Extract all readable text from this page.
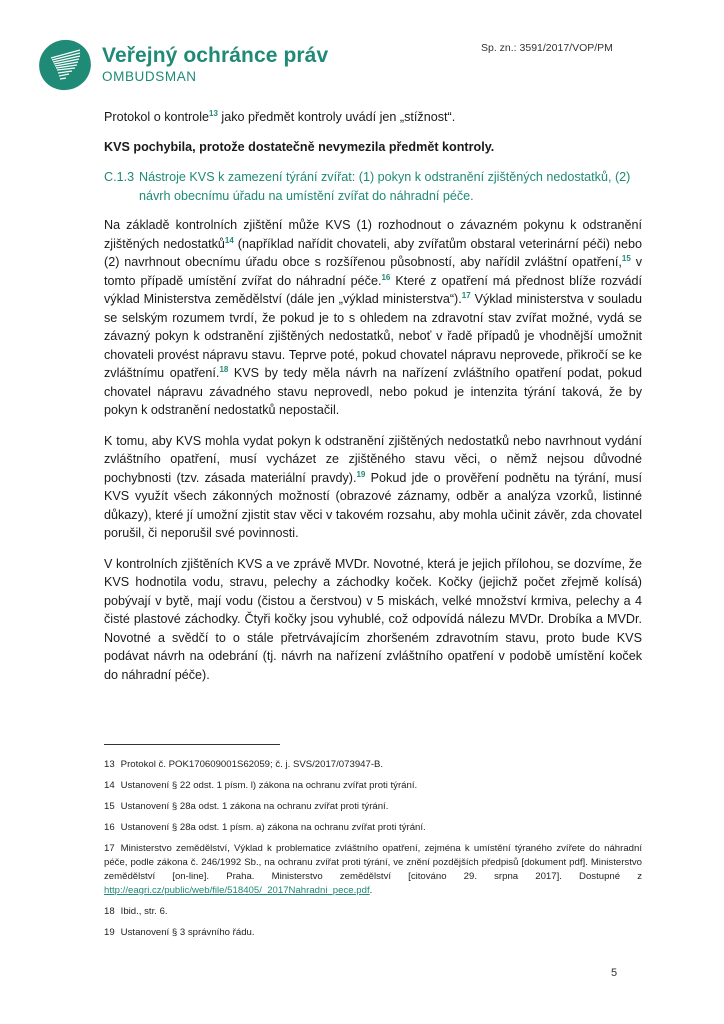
Veřejný ochránce práv
OMBUDSMAN
Sp. zn.: 3591/2017/VOP/PM

Protokol o kontrole$^{13}$ jako předmět kontroly uvádí jen „stížnost“.

KVS pochybila, protože dostatečně nevymezila předmět kontroly.

C.1.3 Nástroje KVS k zamezení týrání zvířat: (1) pokyn k odstranění zjištěných nedostatků, (2) návrh obecnímu úřadu na umístění zvířat do náhradní péče.

Na základě kontrolních zjištění může KVS (1) rozhodnout o závazném pokynu k odstranění zjištěných nedostatků$^{14}$ (například nařídit chovateli, aby zvířatům obstaral veterinární péči) nebo (2) navrhnout obecnímu úřadu obce s rozšířenou působností, aby nařídil zvláštní opatření,$^{15}$ v tomto případě umístění zvířat do náhradní péče.$^{16}$ Které z opatření má přednost blíže rozvádí výklad Ministerstva zemědělství (dále jen „výklad ministerstva“).$^{17}$ Výklad ministerstva v souladu se selským rozumem tvrdí, že pokud je to s ohledem na zdravotní stav zvířat možné, vydá se závazný pokyn k odstranění zjištěných nedostatků, neboť v řadě případů je vhodnější umožnit chovateli provést nápravu stavu. Teprve poté, pokud chovatel nápravu neprovede, přikročí se ke zvláštnímu opatření.$^{18}$ KVS by tedy měla návrh na nařízení zvláštního opatření podat, pokud chovatel nápravu závadného stavu neprovedl, nebo pokud je intenzita týrání taková, že by pokyn k odstranění nedostatků nepostačil.

K tomu, aby KVS mohla vydat pokyn k odstranění zjištěných nedostatků nebo navrhnout vydání zvláštního opatření, musí vycházet ze zjištěného stavu věci, o němž nejsou důvodné pochybnosti (tzv. zásada materiální pravdy).$^{19}$ Pokud jde o prověření podnětu na týrání, musí KVS využít všech zákonných možností (obrazové záznamy, odběr a analýza vzorků, listinné důkazy), které jí umožní zjistit stav věci v takovém rozsahu, aby mohla učinit závěr, zda chovatel porušil, či neporušil své povinnosti.

V kontrolních zjištěních KVS a ve zprávě MVDr. Novotné, která je jejich přílohou, se dozvíme, že KVS hodnotila vodu, stravu, pelechy a záchodky koček. Kočky (jejichž počet zřejmě kolísá) pobývají v bytě, mají vodu (čistou a čerstvou) v 5 miskách, velké množství krmiva, pelechy a 4 čisté plastové záchodky. Čtyři kočky jsou vyhublé, což odpovídá nálezu MVDr. Drobíka a MVDr. Novotné a svědčí to o stále přetrvávajícím zhoršeném zdravotním stavu, proto bude KVS podávat návrh na odebrání (tj. návrh na nařízení zvláštního opatření v podobě umístění koček do náhradní péče).

13 Protokol č. POK170609001S62059; č. j. SVS/2017/073947-B.
14 Ustanovení § 22 odst. 1 písm. l) zákona na ochranu zvířat proti týrání.
15 Ustanovení § 28a odst. 1 zákona na ochranu zvířat proti týrání.
16 Ustanovení § 28a odst. 1 písm. a) zákona na ochranu zvířat proti týrání.
17 Ministerstvo zemědělství, Výklad k problematice zvláštního opatření, zejména k umístění týraného zvířete do náhradní péče, podle zákona č. 246/1992 Sb., na ochranu zvířat proti týrání, ve znění pozdějších předpisů [dokument pdf]. Ministerstvo zemědělství [on-line]. Praha. Ministerstvo zemědělství [citováno 29. srpna 2017]. Dostupné z http://eagri.cz/public/web/file/518405/_2017Nahradni_pece.pdf.
18 Ibid., str. 6.
19 Ustanovení § 3 správního řádu.
5
